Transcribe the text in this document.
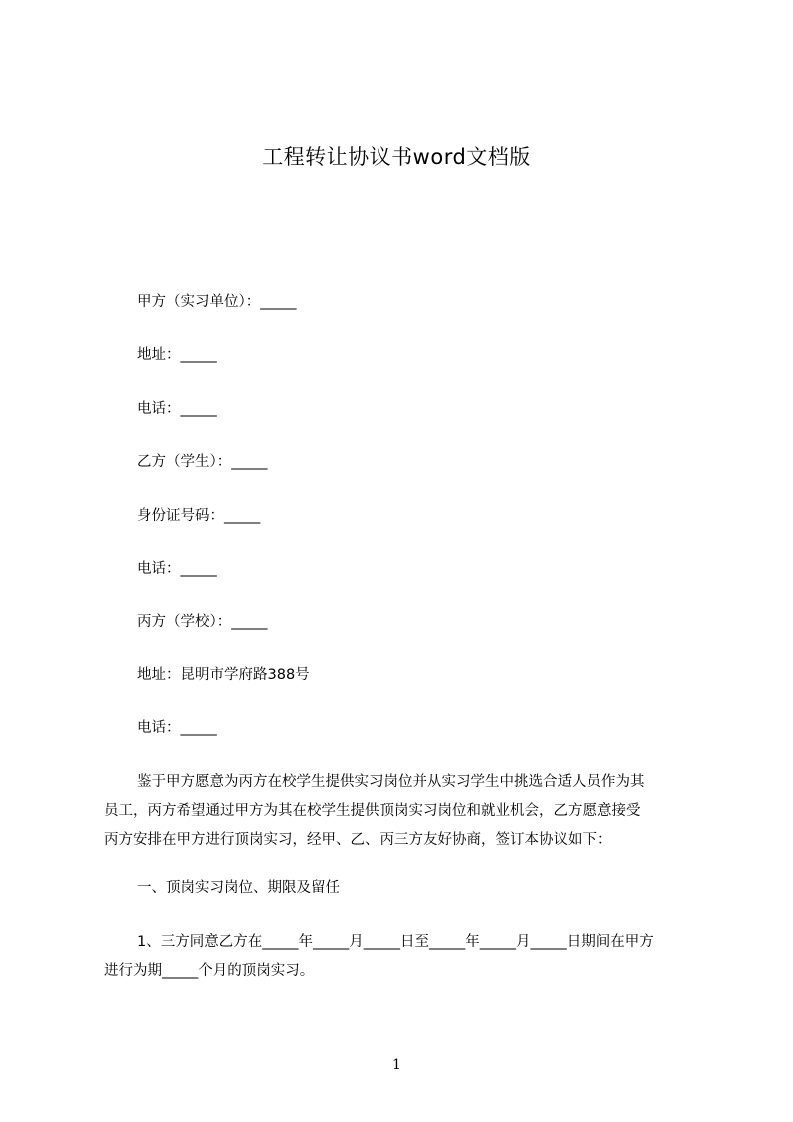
工程转让协议书word文档版
甲方（实习单位）：_____
地址：_____
电话：_____
乙方（学生）：_____
身份证号码：_____
电话：_____
丙方（学校）：_____
地址：昆明市学府路388号
电话：_____
鉴于甲方愿意为丙方在校学生提供实习岗位并从实习学生中挑选合适人员作为其
员工，丙方希望通过甲方为其在校学生提供顶岗实习岗位和就业机会，乙方愿意接受
丙方安排在甲方进行顶岗实习，经甲、乙、丙三方友好协商，签订本协议如下：
一、顶岗实习岗位、期限及留任
1、三方同意乙方在_____年_____月_____日至_____年_____月_____日期间在甲方
进行为期_____个月的顶岗实习。
1
